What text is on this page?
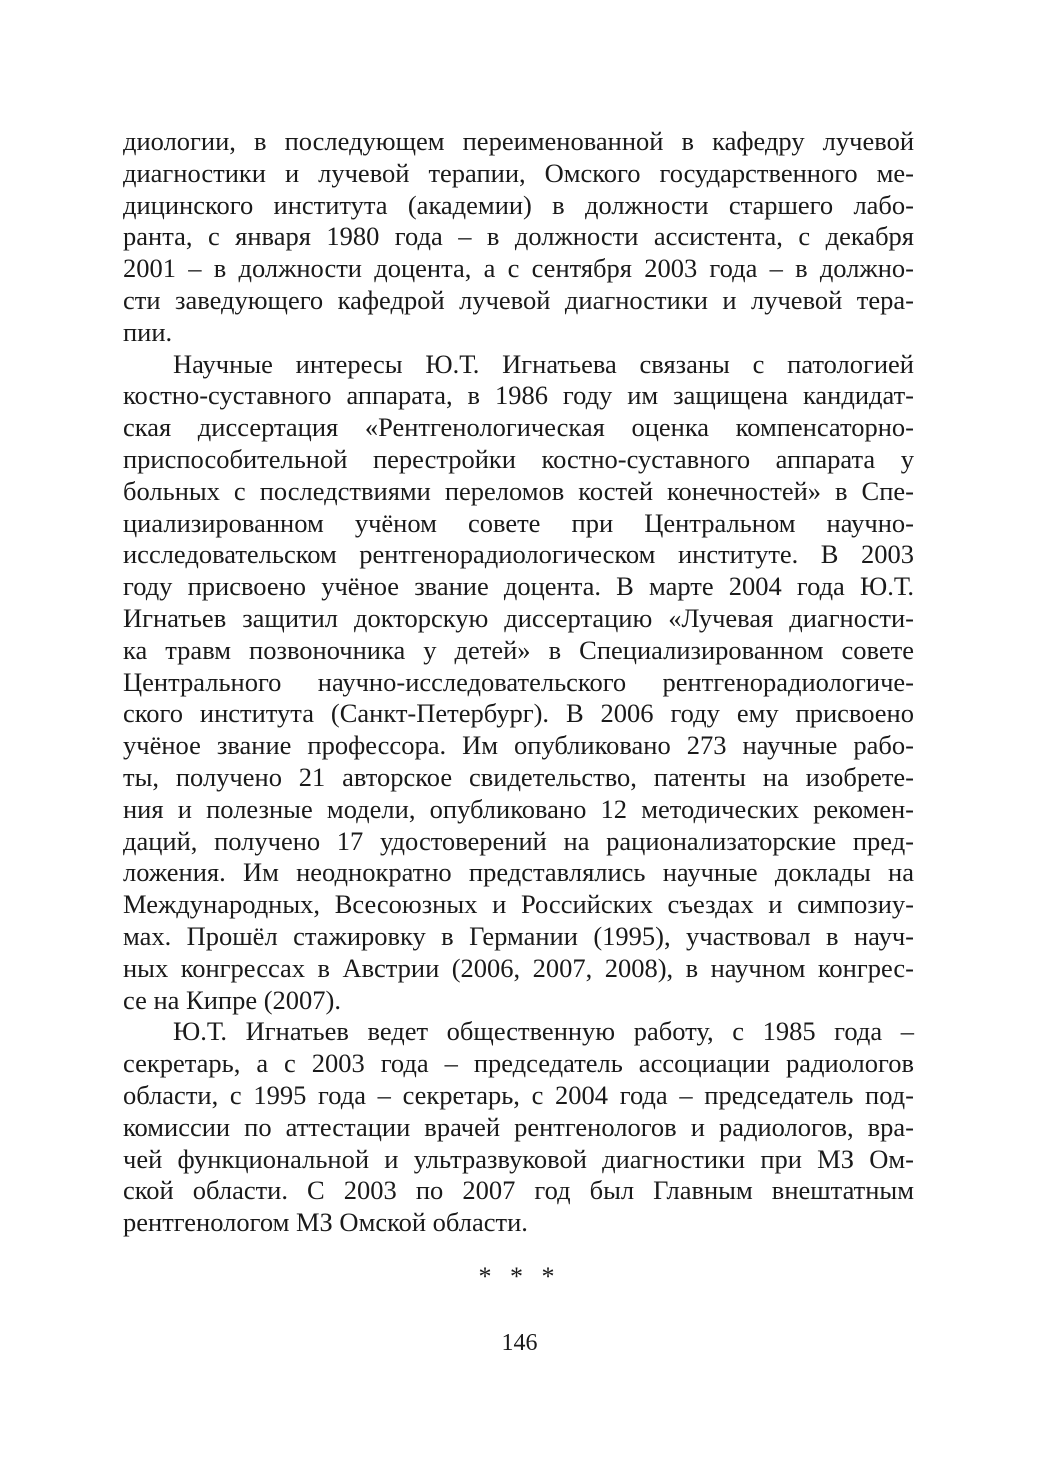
диологии, в последующем переименованной в кафедру лучевой
диагностики и лучевой терапии, Омского государственного ме-
дицинского института (академии) в должности старшего лабо-
ранта, с января 1980 года – в должности ассистента, с декабря
2001 – в должности доцента, а с сентября 2003 года – в должно-
сти заведующего кафедрой лучевой диагностики и лучевой тера-
пии.
Научные интересы Ю.Т. Игнатьева связаны с патологией
костно-суставного аппарата, в 1986 году им защищена кандидат-
ская диссертация «Рентгенологическая оценка компенсаторно-
приспособительной перестройки костно-суставного аппарата у
больных с последствиями переломов костей конечностей» в Спе-
циализированном учёном совете при Центральном научно-
исследовательском рентгенорадиологическом институте. В 2003
году присвоено учёное звание доцента. В марте 2004 года Ю.Т.
Игнатьев защитил докторскую диссертацию «Лучевая диагности-
ка травм позвоночника у детей» в Специализированном совете
Центрального научно-исследовательского рентгенорадиологиче-
ского института (Санкт-Петербург). В 2006 году ему присвоено
учёное звание профессора. Им опубликовано 273 научные рабо-
ты, получено 21 авторское свидетельство, патенты на изобрете-
ния и полезные модели, опубликовано 12 методических рекомен-
даций, получено 17 удостоверений на рационализаторские пред-
ложения. Им неоднократно представлялись научные доклады на
Международных, Всесоюзных и Российских съездах и симпозиу-
мах. Прошёл стажировку в Германии (1995), участвовал в науч-
ных конгрессах в Австрии (2006, 2007, 2008), в научном конгрес-
се на Кипре (2007).
Ю.Т. Игнатьев ведет общественную работу, с 1985 года –
секретарь, а с 2003 года – председатель ассоциации радиологов
области, с 1995 года – секретарь, с 2004 года – председатель под-
комиссии по аттестации врачей рентгенологов и радиологов, вра-
чей функциональной и ультразвуковой диагностики при МЗ Ом-
ской области. С 2003 по 2007 год был Главным внештатным
рентгенологом МЗ Омской области.
* * *
146
